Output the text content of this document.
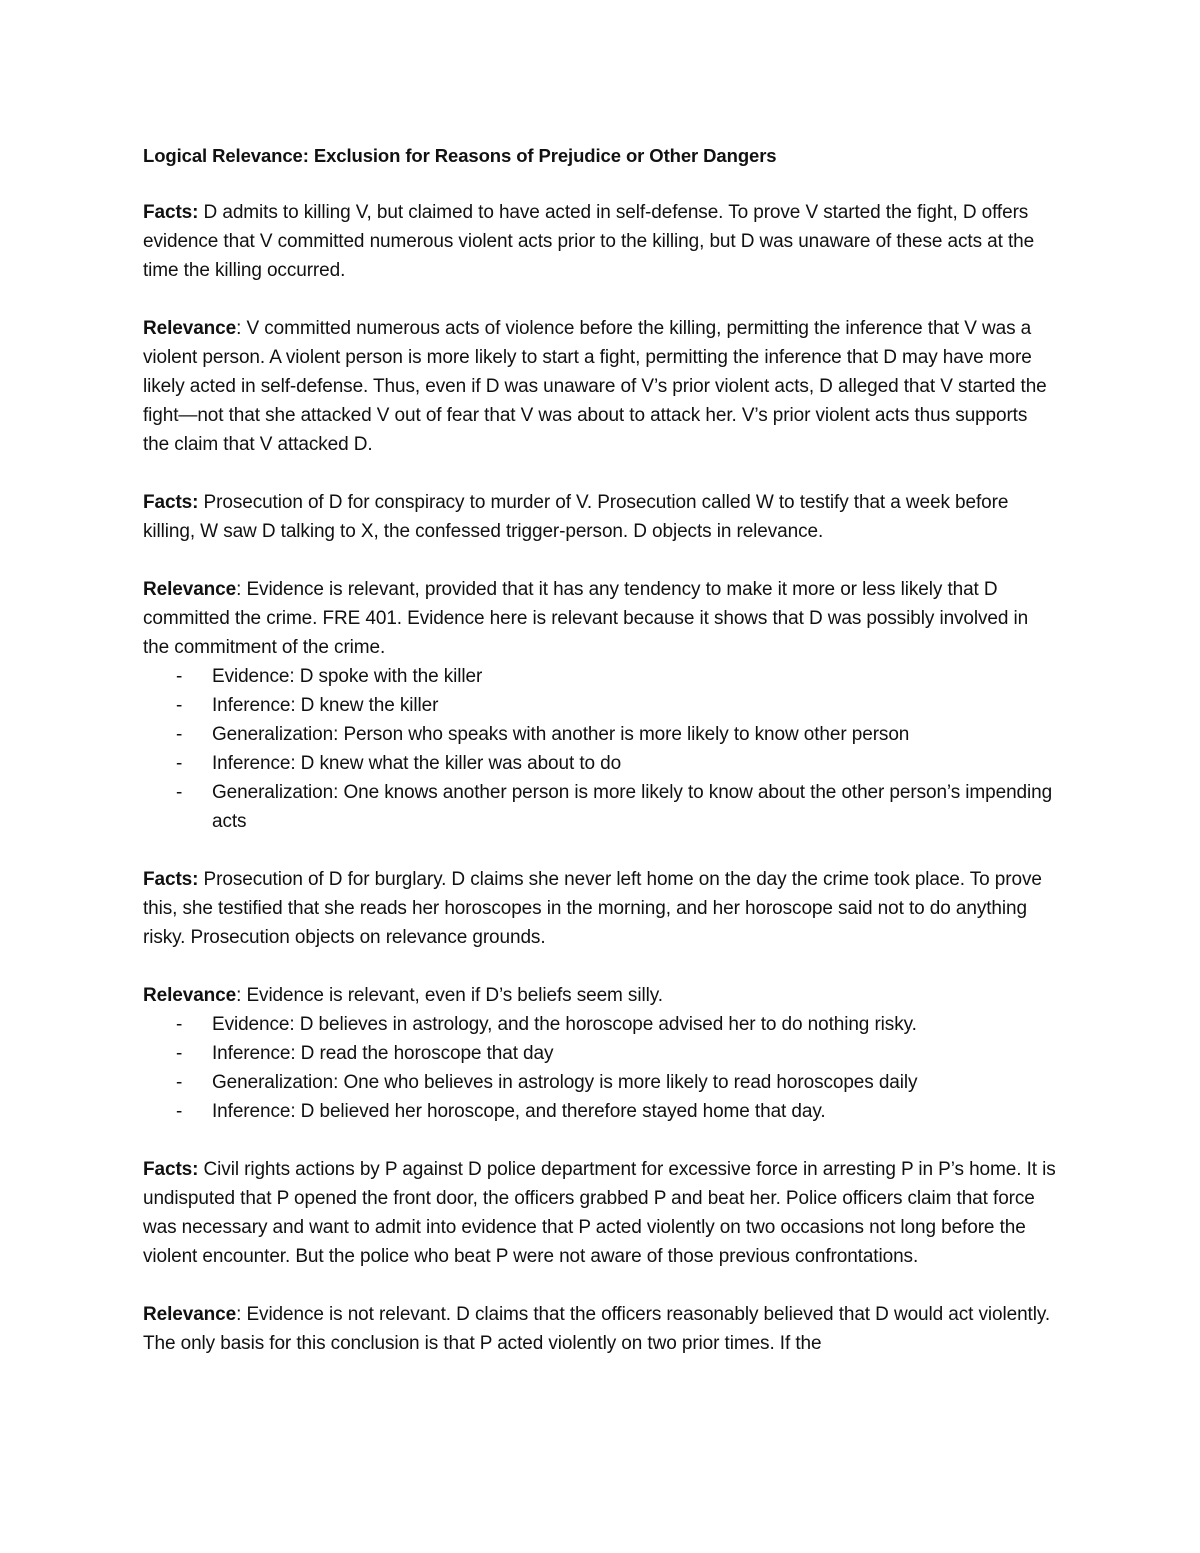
Logical Relevance: Exclusion for Reasons of Prejudice or Other Dangers

Facts: D admits to killing V, but claimed to have acted in self-defense. To prove V started the fight, D offers evidence that V committed numerous violent acts prior to the killing, but D was unaware of these acts at the time the killing occurred.

Relevance: V committed numerous acts of violence before the killing, permitting the inference that V was a violent person. A violent person is more likely to start a fight, permitting the inference that D may have more likely acted in self-defense. Thus, even if D was unaware of V’s prior violent acts, D alleged that V started the fight—not that she attacked V out of fear that V was about to attack her. V’s prior violent acts thus supports the claim that V attacked D.

Facts: Prosecution of D for conspiracy to murder of V. Prosecution called W to testify that a week before killing, W saw D talking to X, the confessed trigger-person. D objects in relevance.

Relevance: Evidence is relevant, provided that it has any tendency to make it more or less likely that D committed the crime. FRE 401. Evidence here is relevant because it shows that D was possibly involved in the commitment of the crime.

- Evidence: D spoke with the killer
- Inference: D knew the killer
- Generalization: Person who speaks with another is more likely to know other person
- Inference: D knew what the killer was about to do
- Generalization: One knows another person is more likely to know about the other person’s impending acts

Facts: Prosecution of D for burglary. D claims she never left home on the day the crime took place. To prove this, she testified that she reads her horoscopes in the morning, and her horoscope said not to do anything risky. Prosecution objects on relevance grounds.

Relevance: Evidence is relevant, even if D’s beliefs seem silly.

- Evidence: D believes in astrology, and the horoscope advised her to do nothing risky.
- Inference: D read the horoscope that day
- Generalization: One who believes in astrology is more likely to read horoscopes daily
- Inference: D believed her horoscope, and therefore stayed home that day.

Facts: Civil rights actions by P against D police department for excessive force in arresting P in P’s home. It is undisputed that P opened the front door, the officers grabbed P and beat her. Police officers claim that force was necessary and want to admit into evidence that P acted violently on two occasions not long before the violent encounter. But the police who beat P were not aware of those previous confrontations.

Relevance: Evidence is not relevant. D claims that the officers reasonably believed that D would act violently. The only basis for this conclusion is that P acted violently on two prior times. If the
